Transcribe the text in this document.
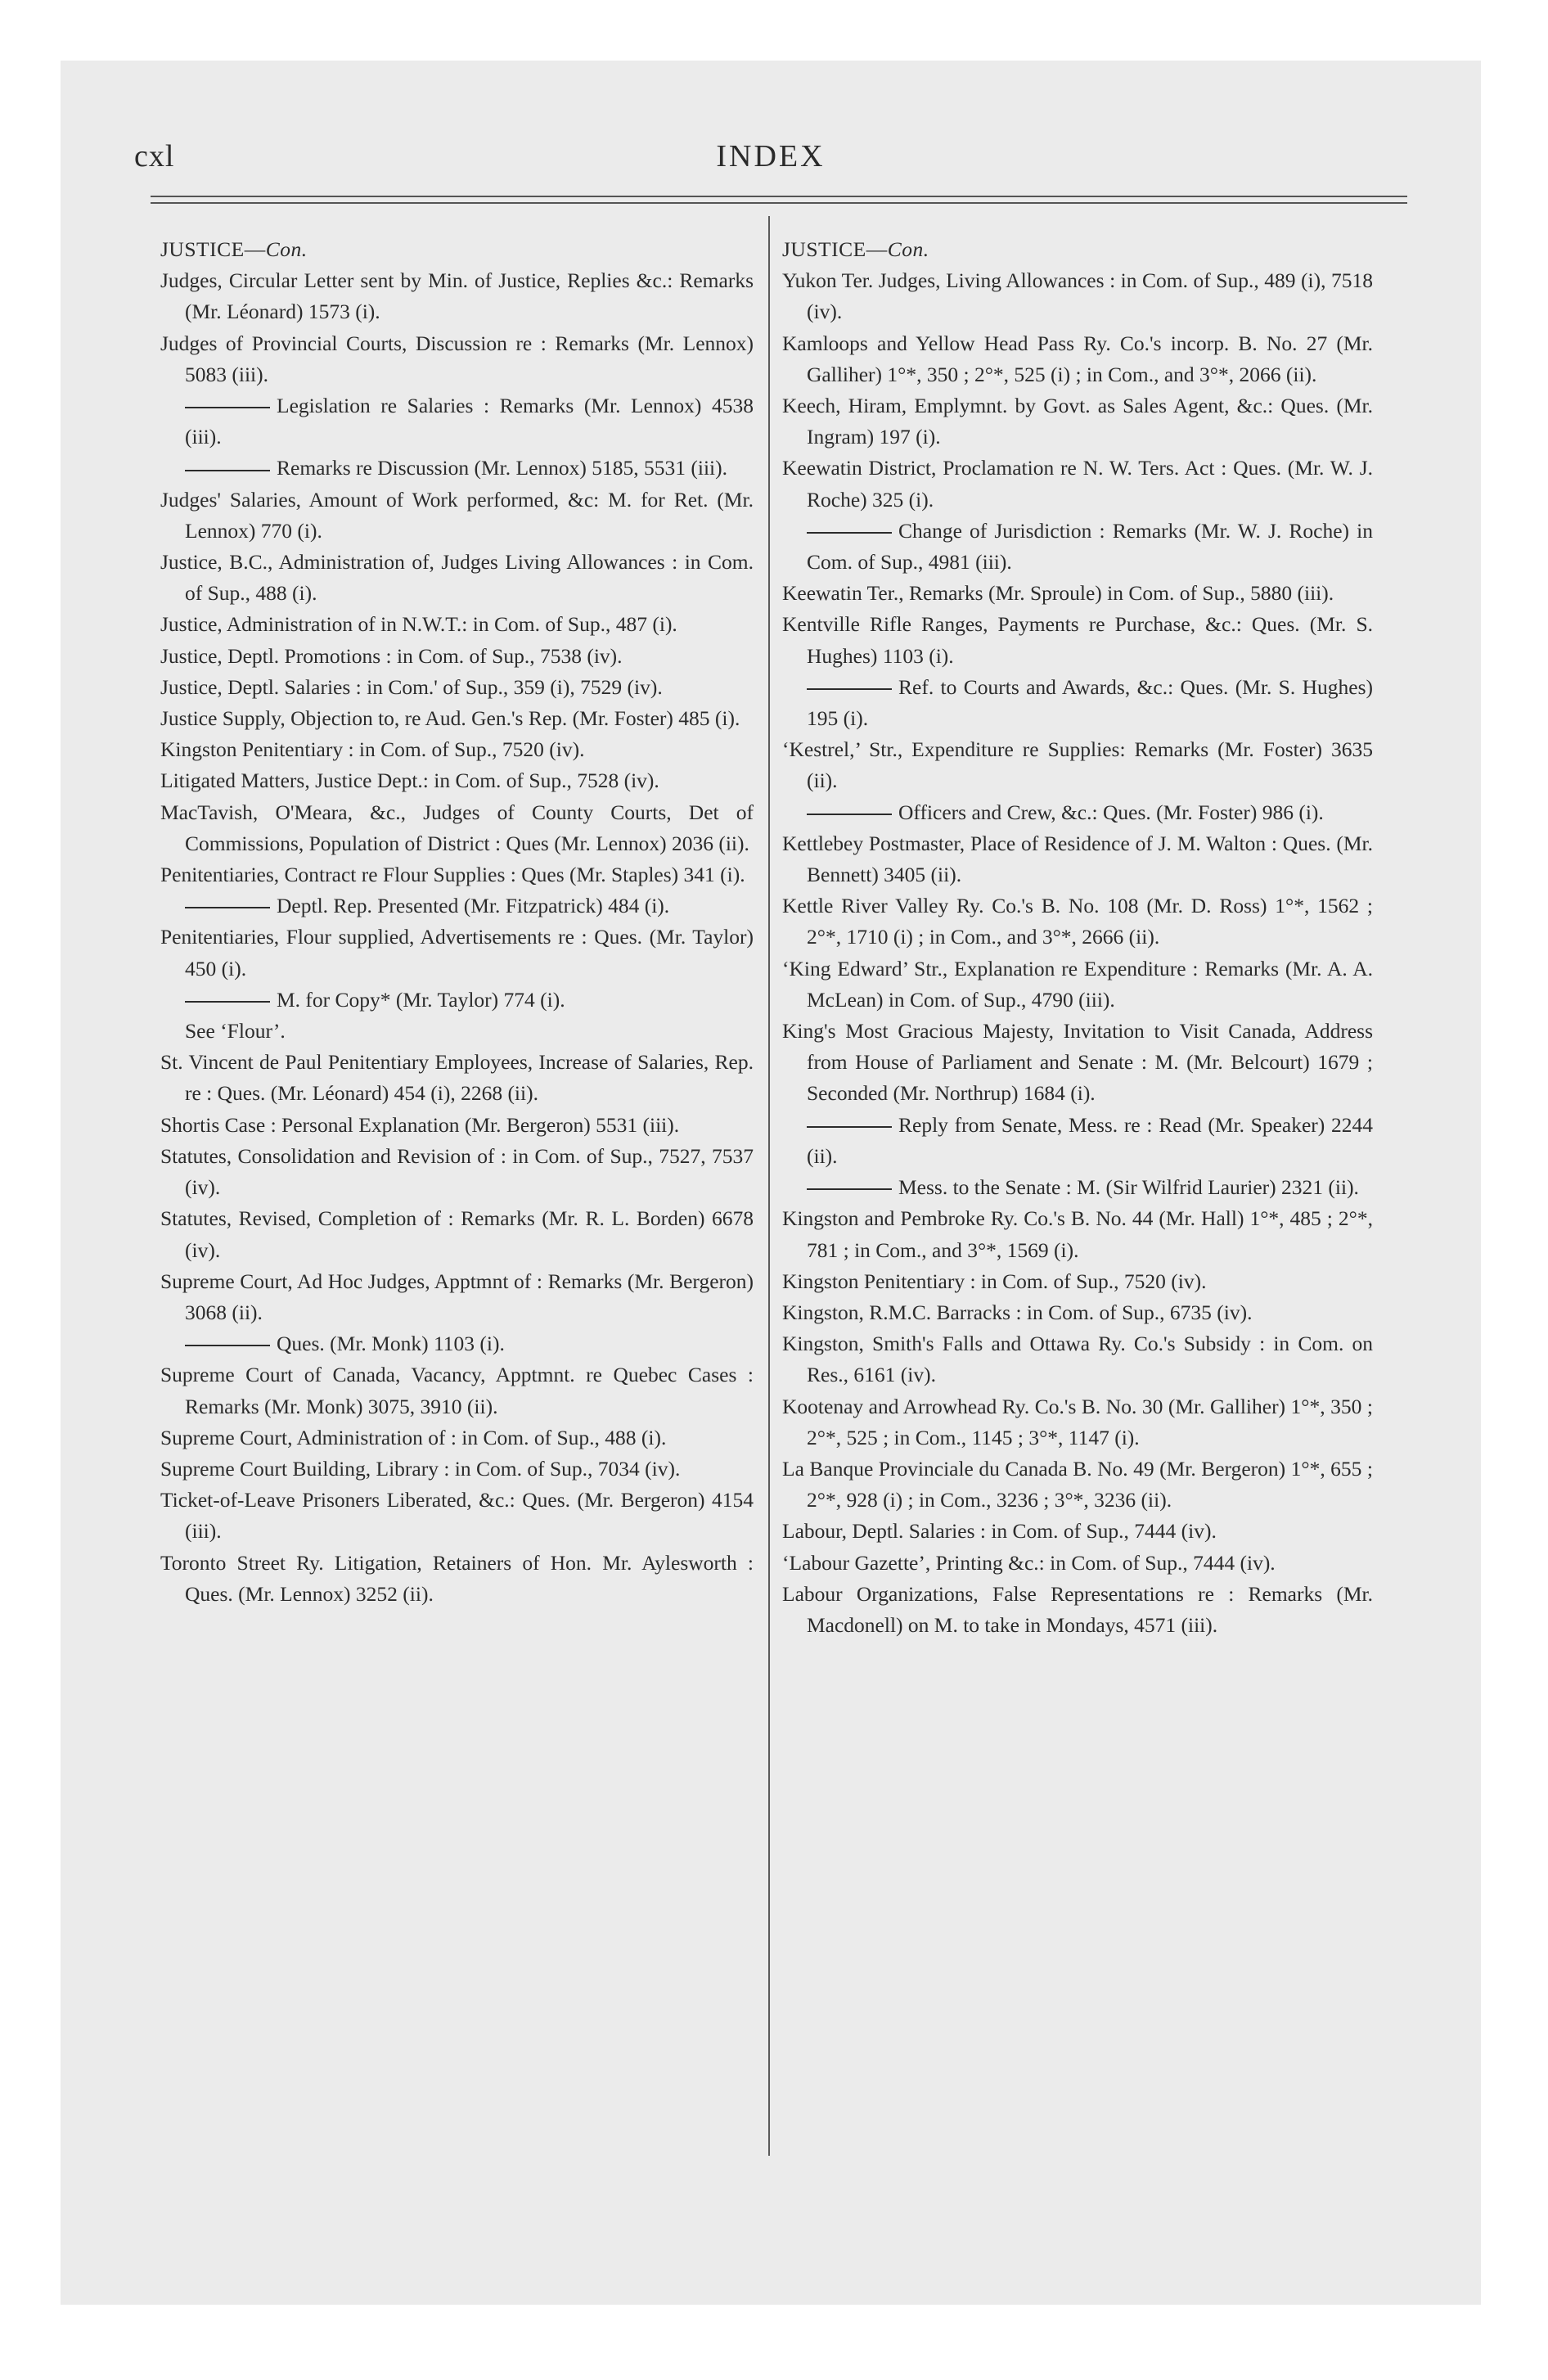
cxl	INDEX
JUSTICE—Con.
Judges, Circular Letter sent by Min. of Justice, Replies &c.: Remarks (Mr. Léonard) 1573 (i).
Judges of Provincial Courts, Discussion re : Remarks (Mr. Lennox) 5083 (iii).
Legislation re Salaries : Remarks (Mr. Lennox) 4538 (iii).
Remarks re Discussion (Mr. Lennox) 5185, 5531 (iii).
Judges' Salaries, Amount of Work performed, &c: M. for Ret. (Mr. Lennox) 770 (i).
Justice, B.C., Administration of, Judges Living Allowances : in Com. of Sup., 488 (i).
Justice, Administration of in N.W.T.: in Com. of Sup., 487 (i).
Justice, Deptl. Promotions : in Com. of Sup., 7538 (iv).
Justice, Deptl. Salaries : in Com.' of Sup., 359 (i), 7529 (iv).
Justice Supply, Objection to, re Aud. Gen.'s Rep. (Mr. Foster) 485 (i).
Kingston Penitentiary : in Com. of Sup., 7520 (iv).
Litigated Matters, Justice Dept.: in Com. of Sup., 7528 (iv).
MacTavish, O'Meara, &c., Judges of County Courts, Det of Commissions, Population of District : Ques (Mr. Lennox) 2036 (ii).
Penitentiaries, Contract re Flour Supplies : Ques (Mr. Staples) 341 (i).
Deptl. Rep. Presented (Mr. Fitzpatrick) 484 (i).
Penitentiaries, Flour supplied, Advertisements re : Ques. (Mr. Taylor) 450 (i).
M. for Copy* (Mr. Taylor) 774 (i).
See ‘Flour’.
St. Vincent de Paul Penitentiary Employees, Increase of Salaries, Rep. re : Ques. (Mr. Léonard) 454 (i), 2268 (ii).
Shortis Case : Personal Explanation (Mr. Bergeron) 5531 (iii).
Statutes, Consolidation and Revision of : in Com. of Sup., 7527, 7537 (iv).
Statutes, Revised, Completion of : Remarks (Mr. R. L. Borden) 6678 (iv).
Supreme Court, Ad Hoc Judges, Apptmnt of : Remarks (Mr. Bergeron) 3068 (ii).
Ques. (Mr. Monk) 1103 (i).
Supreme Court of Canada, Vacancy, Apptmnt. re Quebec Cases : Remarks (Mr. Monk) 3075, 3910 (ii).
Supreme Court, Administration of : in Com. of Sup., 488 (i).
Supreme Court Building, Library : in Com. of Sup., 7034 (iv).
Ticket-of-Leave Prisoners Liberated, &c.: Ques. (Mr. Bergeron) 4154 (iii).
Toronto Street Ry. Litigation, Retainers of Hon. Mr. Aylesworth : Ques. (Mr. Lennox) 3252 (ii).
JUSTICE—Con.
Yukon Ter. Judges, Living Allowances : in Com. of Sup., 489 (i), 7518 (iv).
Kamloops and Yellow Head Pass Ry. Co.'s incorp. B. No. 27 (Mr. Galliher) 1°*, 350 ; 2°*, 525 (i) ; in Com., and 3°*, 2066 (ii).
Keech, Hiram, Emplymnt. by Govt. as Sales Agent, &c.: Ques. (Mr. Ingram) 197 (i).
Keewatin District, Proclamation re N. W. Ters. Act : Ques. (Mr. W. J. Roche) 325 (i).
Change of Jurisdiction : Remarks (Mr. W. J. Roche) in Com. of Sup., 4981 (iii).
Keewatin Ter., Remarks (Mr. Sproule) in Com. of Sup., 5880 (iii).
Kentville Rifle Ranges, Payments re Purchase, &c.: Ques. (Mr. S. Hughes) 1103 (i).
Ref. to Courts and Awards, &c.: Ques. (Mr. S. Hughes) 195 (i).
‘Kestrel,’ Str., Expenditure re Supplies: Remarks (Mr. Foster) 3635 (ii).
Officers and Crew, &c.: Ques. (Mr. Foster) 986 (i).
Kettlebey Postmaster, Place of Residence of J. M. Walton : Ques. (Mr. Bennett) 3405 (ii).
Kettle River Valley Ry. Co.'s B. No. 108 (Mr. D. Ross) 1°*, 1562 ; 2°*, 1710 (i) ; in Com., and 3°*, 2666 (ii).
‘King Edward’ Str., Explanation re Expenditure : Remarks (Mr. A. A. McLean) in Com. of Sup., 4790 (iii).
King's Most Gracious Majesty, Invitation to Visit Canada, Address from House of Parliament and Senate : M. (Mr. Belcourt) 1679 ; Seconded (Mr. Northrup) 1684 (i).
Reply from Senate, Mess. re : Read (Mr. Speaker) 2244 (ii).
Mess. to the Senate : M. (Sir Wilfrid Laurier) 2321 (ii).
Kingston and Pembroke Ry. Co.'s B. No. 44 (Mr. Hall) 1°*, 485 ; 2°*, 781 ; in Com., and 3°*, 1569 (i).
Kingston Penitentiary : in Com. of Sup., 7520 (iv).
Kingston, R.M.C. Barracks : in Com. of Sup., 6735 (iv).
Kingston, Smith's Falls and Ottawa Ry. Co.'s Subsidy : in Com. on Res., 6161 (iv).
Kootenay and Arrowhead Ry. Co.'s B. No. 30 (Mr. Galliher) 1°*, 350 ; 2°*, 525 ; in Com., 1145 ; 3°*, 1147 (i).
La Banque Provinciale du Canada B. No. 49 (Mr. Bergeron) 1°*, 655 ; 2°*, 928 (i) ; in Com., 3236 ; 3°*, 3236 (ii).
Labour, Deptl. Salaries : in Com. of Sup., 7444 (iv).
‘Labour Gazette’, Printing &c.: in Com. of Sup., 7444 (iv).
Labour Organizations, False Representations re : Remarks (Mr. Macdonell) on M. to take in Mondays, 4571 (iii).
